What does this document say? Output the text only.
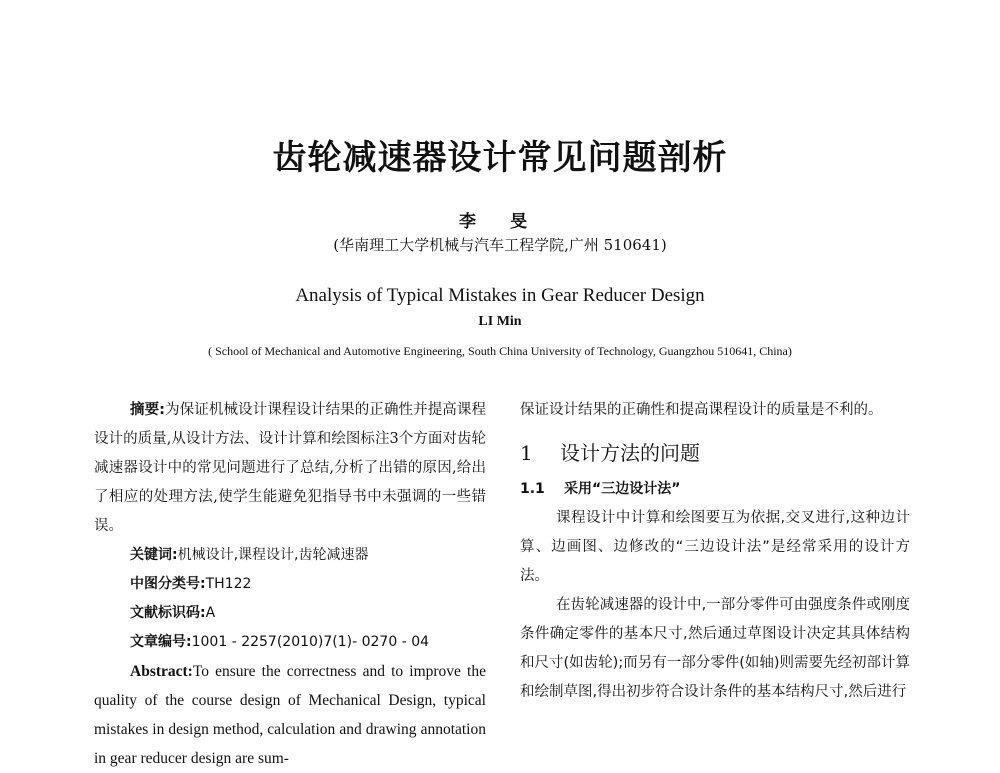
齿轮减速器设计常见问题剖析
李 旻
(华南理工大学机械与汽车工程学院,广州 510641)
Analysis of Typical Mistakes in Gear Reducer Design
LI Min
( School of Mechanical and Automotive Engineering, South China University of Technology, Guangzhou 510641, China)

摘要:为保证机械设计课程设计结果的正确性并提高课程设计的质量,从设计方法、设计计算和绘图标注3个方面对齿轮减速器设计中的常见问题进行了总结,分析了出错的原因,给出了相应的处理方法,使学生能避免犯指导书中未强调的一些错误。

关键词:机械设计,课程设计,齿轮减速器

中图分类号:TH122

文献标识码:A

文章编号:1001 - 2257(2010)7(1)- 0270 - 04

Abstract:To ensure the correctness and to improve the quality of the course design of Mechanical Design, typical mistakes in design method, calculation and drawing annotation in gear reducer design are sum-

保证设计结果的正确性和提高课程设计的质量是不利的。

1 设计方法的问题

1.1 采用“三边设计法”

课程设计中计算和绘图要互为依据,交叉进行,这种边计算、边画图、边修改的“三边设计法”是经常采用的设计方法。

在齿轮减速器的设计中,一部分零件可由强度条件或刚度条件确定零件的基本尺寸,然后通过草图设计决定其具体结构和尺寸(如齿轮);而另有一部分零件(如轴)则需要先经初部计算和绘制草图,得出初步符合设计条件的基本结构尺寸,然后进行
